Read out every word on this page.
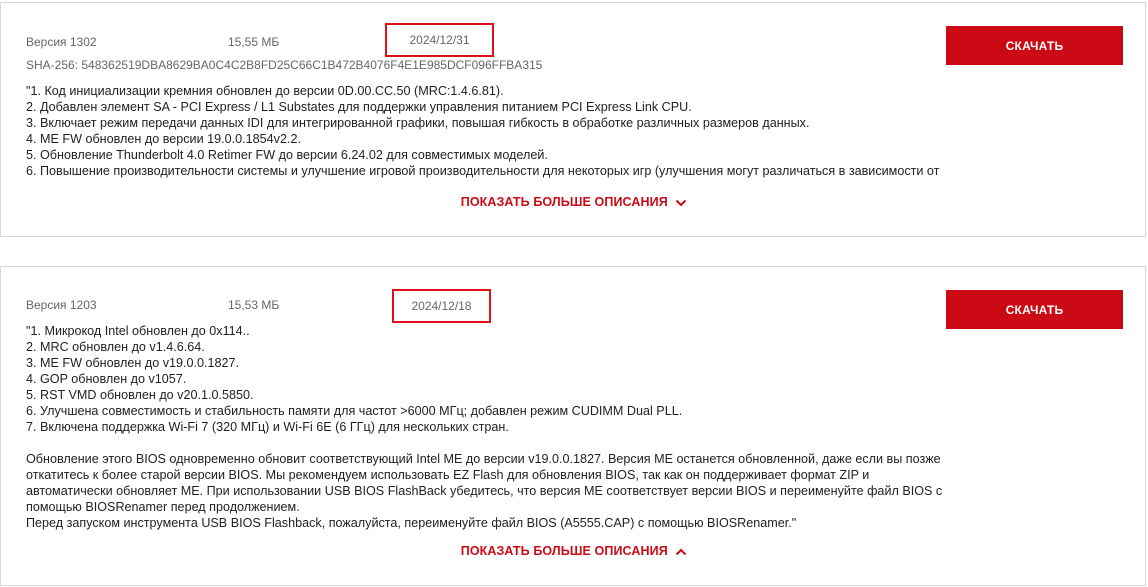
Версия 1302	15,55 МБ	2024/12/31
SHA-256: 548362519DBA8629BA0C4C2B8FD25C66C1B472B4076F4E1E985DCF096FFBA315
СКАЧАТЬ
"1. Код инициализации кремния обновлен до версии 0D.00.CC.50 (MRC:1.4.6.81).
2. Добавлен элемент SA - PCI Express / L1 Substates для поддержки управления питанием PCI Express Link CPU.
3. Включает режим передачи данных IDI для интегрированной графики, повышая гибкость в обработке различных размеров данных.
4. ME FW обновлен до версии 19.0.0.1854v2.2.
5. Обновление Thunderbolt 4.0 Retimer FW до версии 6.24.02 для совместимых моделей.
6. Повышение производительности системы и улучшение игровой производительности для некоторых игр (улучшения могут различаться в зависимости от
ПОКАЗАТЬ БОЛЬШЕ ОПИСАНИЯ
Версия 1203	15,53 МБ	2024/12/18	СКАЧАТЬ
"1. Микрокод Intel обновлен до 0x114..
2. MRC обновлен до v1.4.6.64.
3. ME FW обновлен до v19.0.0.1827.
4. GOP обновлен до v1057.
5. RST VMD обновлен до v20.1.0.5850.
6. Улучшена совместимость и стабильность памяти для частот >6000 МГц; добавлен режим CUDIMM Dual PLL.
7. Включена поддержка Wi-Fi 7 (320 МГц) и Wi-Fi 6E (6 ГГц) для нескольких стран.
Обновление этого BIOS одновременно обновит соответствующий Intel ME до версии v19.0.0.1827. Версия ME останется обновленной, даже если вы позже
откатитесь к более старой версии BIOS. Мы рекомендуем использовать EZ Flash для обновления BIOS, так как он поддерживает формат ZIP и
автоматически обновляет ME. При использовании USB BIOS FlashBack убедитесь, что версия ME соответствует версии BIOS и переименуйте файл BIOS с
помощью BIOSRenamer перед продолжением.
Перед запуском инструмента USB BIOS Flashback, пожалуйста, переименуйте файл BIOS (A5555.CAP) с помощью BIOSRenamer."
ПОКАЗАТЬ БОЛЬШЕ ОПИСАНИЯ
